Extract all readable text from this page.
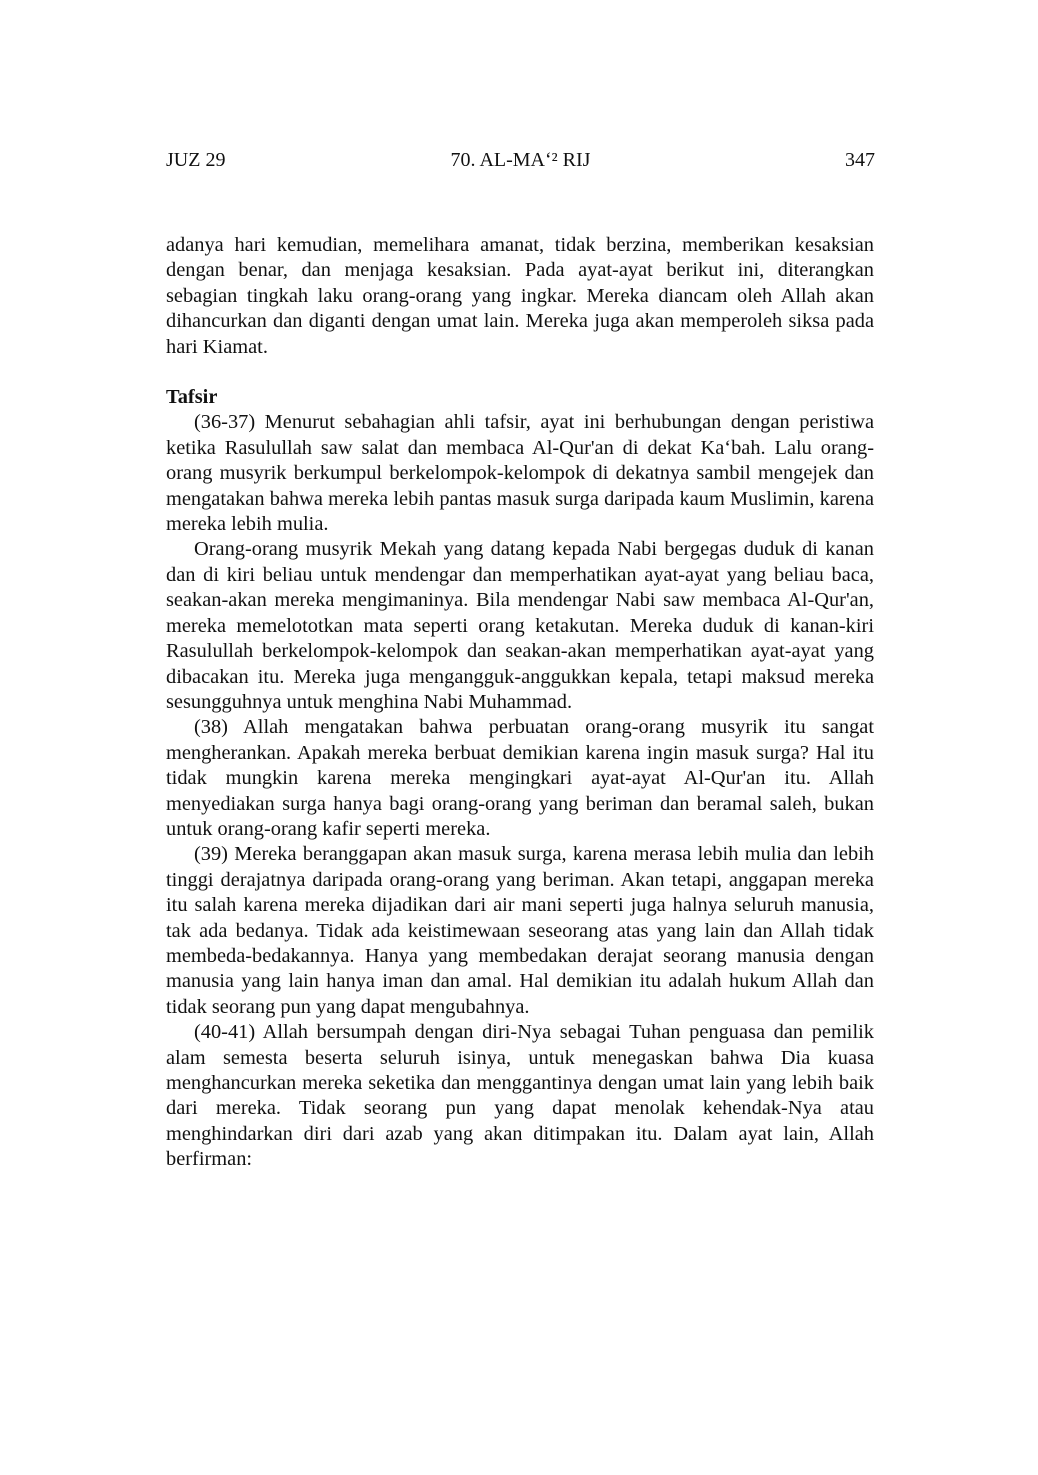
JUZ 29	70. AL-MA‘² RIJ	347

adanya hari kemudian, memelihara amanat, tidak berzina, memberikan kesaksian dengan benar, dan menjaga kesaksian. Pada ayat-ayat berikut ini, diterangkan sebagian tingkah laku orang-orang yang ingkar. Mereka diancam oleh Allah akan dihancurkan dan diganti dengan umat lain. Mereka juga akan memperoleh siksa pada hari Kiamat.

Tafsir

(36-37) Menurut sebahagian ahli tafsir, ayat ini berhubungan dengan peristiwa ketika Rasulullah saw salat dan membaca Al-Qur'an di dekat Ka‘bah. Lalu orang-orang musyrik berkumpul berkelompok-kelompok di dekatnya sambil mengejek dan mengatakan bahwa mereka lebih pantas masuk surga daripada kaum Muslimin, karena mereka lebih mulia.

Orang-orang musyrik Mekah yang datang kepada Nabi bergegas duduk di kanan dan di kiri beliau untuk mendengar dan memperhatikan ayat-ayat yang beliau baca, seakan-akan mereka mengimaninya. Bila mendengar Nabi saw membaca Al-Qur'an, mereka memelototkan mata seperti orang ketakutan. Mereka duduk di kanan-kiri Rasulullah berkelompok-kelompok dan seakan-akan memperhatikan ayat-ayat yang dibacakan itu. Mereka juga mengangguk-anggukkan kepala, tetapi maksud mereka sesungguhnya untuk menghina Nabi Muhammad.

(38) Allah mengatakan bahwa perbuatan orang-orang musyrik itu sangat mengherankan. Apakah mereka berbuat demikian karena ingin masuk surga? Hal itu tidak mungkin karena mereka mengingkari ayat-ayat Al-Qur'an itu. Allah menyediakan surga hanya bagi orang-orang yang beriman dan beramal saleh, bukan untuk orang-orang kafir seperti mereka.

(39) Mereka beranggapan akan masuk surga, karena merasa lebih mulia dan lebih tinggi derajatnya daripada orang-orang yang beriman. Akan tetapi, anggapan mereka itu salah karena mereka dijadikan dari air mani seperti juga halnya seluruh manusia, tak ada bedanya. Tidak ada keistimewaan seseorang atas yang lain dan Allah tidak membeda-bedakannya. Hanya yang membedakan derajat seorang manusia dengan manusia yang lain hanya iman dan amal. Hal demikian itu adalah hukum Allah dan tidak seorang pun yang dapat mengubahnya.

(40-41) Allah bersumpah dengan diri-Nya sebagai Tuhan penguasa dan pemilik alam semesta beserta seluruh isinya, untuk menegaskan bahwa Dia kuasa menghancurkan mereka seketika dan menggantinya dengan umat lain yang lebih baik dari mereka. Tidak seorang pun yang dapat menolak kehendak-Nya atau menghindarkan diri dari azab yang akan ditimpakan itu. Dalam ayat lain, Allah berfirman:
